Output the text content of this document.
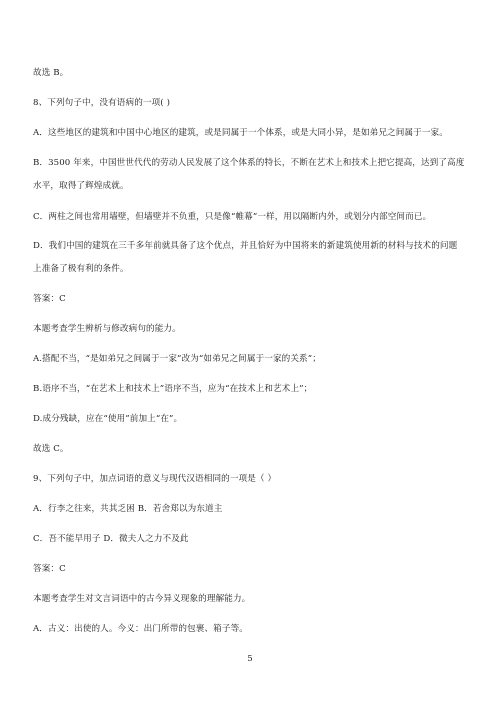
故选 B。
8、下列句子中，没有语病的一项( )
A．这些地区的建筑和中国中心地区的建筑，或是同属于一个体系，或是大同小异，是如弟兄之间属于一家。
B．3500 年来，中国世世代代的劳动人民发展了这个体系的特长，不断在艺术上和技术上把它提高，达到了高度
水平，取得了辉煌成就。
C．两柱之间也常用墙壁，但墙壁并不负重，只是像“帷幕”一样，用以隔断内外，或划分内部空间而已。
D．我们中国的建筑在三千多年前就具备了这个优点，并且恰好为中国将来的新建筑使用新的材料与技术的问题
上准备了极有利的条件。
答案：C
本题考查学生辨析与修改病句的能力。
A.搭配不当，“是如弟兄之间属于一家”改为“如弟兄之间属于一家的关系”；
B.语序不当，“在艺术上和技术上”语序不当，应为“在技术上和艺术上”；
D.成分残缺，应在“使用”前加上“在”。
故选 C。
9、下列句子中，加点词语的意义与现代汉语相同的一项是（ ）
A．行李之往来，共其乏困 B．若舍郑以为东道主
C．吾不能早用子 D．微夫人之力不及此
答案：C
本题考查学生对文言词语中的古今异义现象的理解能力。
A．古义：出使的人。今义：出门所带的包裹、箱子等。
5
